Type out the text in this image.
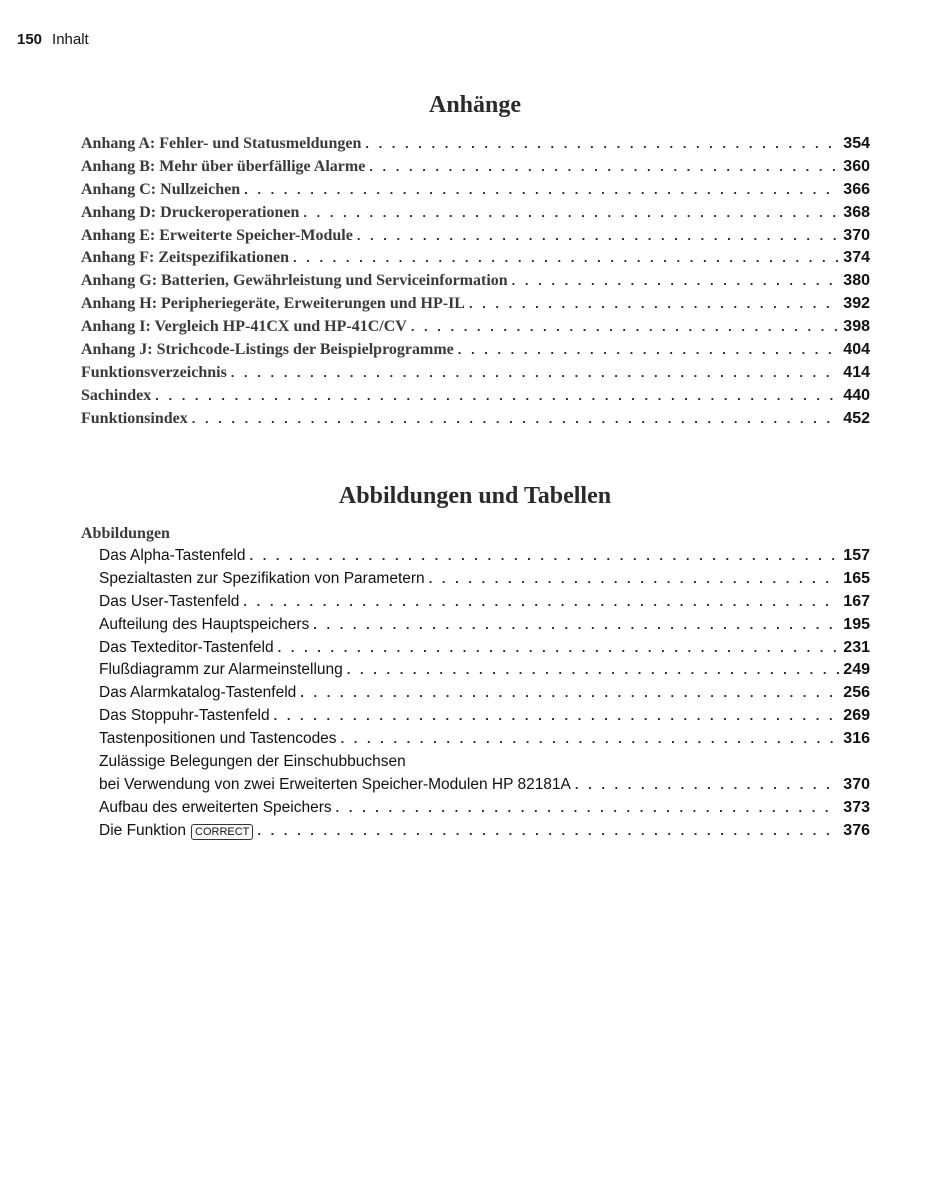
150 Inhalt
Anhänge
Anhang A: Fehler- und Statusmeldungen . . .	354
Anhang B: Mehr über überfällige Alarme . . .	360
Anhang C: Nullzeichen . . .	366
Anhang D: Druckeroperationen . . .	368
Anhang E: Erweiterte Speicher-Module . . .	370
Anhang F: Zeitspezifikationen . . .	374
Anhang G: Batterien, Gewährleistung und Serviceinformation . . .	380
Anhang H: Peripheriegeräte, Erweiterungen und HP-IL . . .	392
Anhang I: Vergleich HP-41CX und HP-41C/CV . . .	398
Anhang J: Strichcode-Listings der Beispielprogramme . . .	404
Funktionsverzeichnis . . .	414
Sachindex . . .	440
Funktionsindex . . .	452
Abbildungen und Tabellen
Abbildungen
Das Alpha-Tastenfeld . . .	157
Spezialtasten zur Spezifikation von Parametern . . .	165
Das User-Tastenfeld . . .	167
Aufteilung des Hauptspeichers . . .	195
Das Texteditor-Tastenfeld . . .	231
Flußdiagramm zur Alarmeinstellung . . .	249
Das Alarmkatalog-Tastenfeld . . .	256
Das Stoppuhr-Tastenfeld . . .	269
Tastenpositionen und Tastencodes . . .	316
Zulässige Belegungen der Einschubbuchsen
bei Verwendung von zwei Erweiterten Speicher-Modulen HP 82181A . . .	370
Aufbau des erweiterten Speichers . . .	373
Die Funktion CORRECT . . .	376
